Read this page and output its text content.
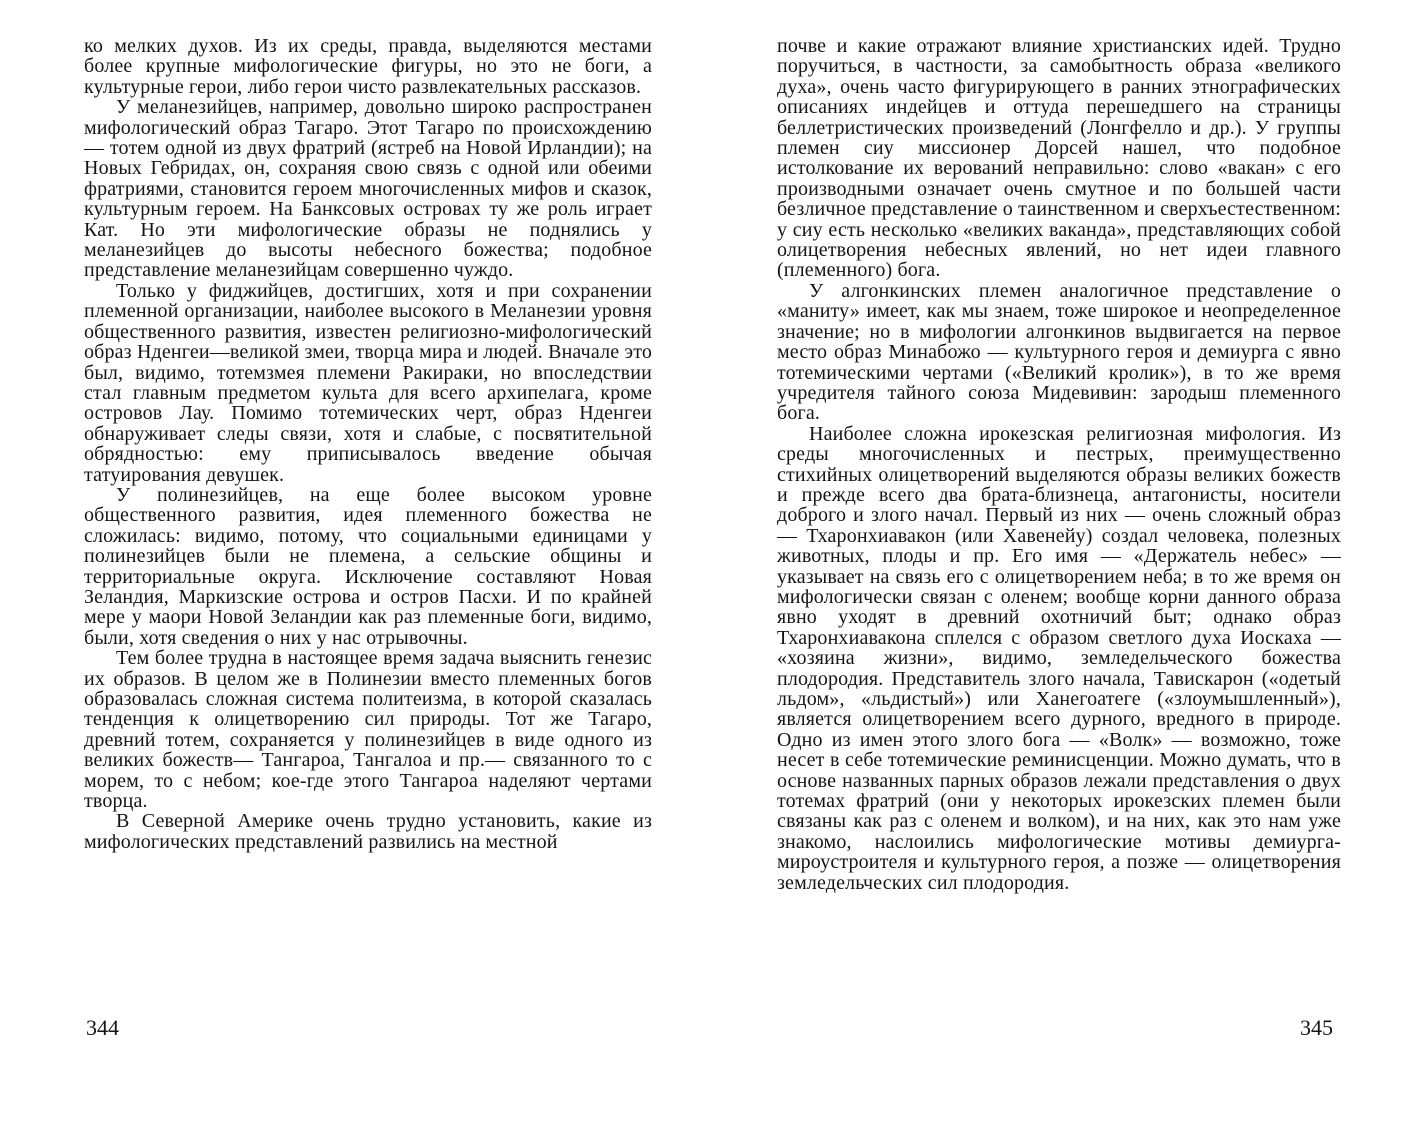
ко мелких духов. Из их среды, правда, выделяются местами более крупные мифологические фигуры, но это не боги, а культурные герои, либо герои чисто развлекательных рассказов.

У меланезийцев, например, довольно широко распространен мифологический образ Тагаро. Этот Тагаро по происхождению — тотем одной из двух фратрий (ястреб на Новой Ирландии); на Новых Гебридах, он, сохраняя свою связь с одной или обеими фратриями, становится героем многочисленных мифов и сказок, культурным героем. На Банксовых островах ту же роль играет Кат. Но эти мифологические образы не поднялись у меланезийцев до высоты небесного божества; подобное представление меланезийцам совершенно чуждо.

Только у фиджийцев, достигших, хотя и при сохранении племенной организации, наиболее высокого в Меланезии уровня общественного развития, известен религиозно-мифологический образ Нденгеи—великой змеи, творца мира и людей. Вначале это был, видимо, тотемзмея племени Ракираки, но впоследствии стал главным предметом культа для всего архипелага, кроме островов Лау. Помимо тотемических черт, образ Нденгеи обнаруживает следы связи, хотя и слабые, с посвятительной обрядностью: ему приписывалось введение обычая татуирования девушек.

У полинезийцев, на еще более высоком уровне общественного развития, идея племенного божества не сложилась: видимо, потому, что социальными единицами у полинезийцев были не племена, а сельские общины и территориальные округа. Исключение составляют Новая Зеландия, Маркизские острова и остров Пасхи. И по крайней мере у маори Новой Зеландии как раз племенные боги, видимо, были, хотя сведения о них у нас отрывочны.

Тем более трудна в настоящее время задача выяснить генезис их образов. В целом же в Полинезии вместо племенных богов образовалась сложная система политеизма, в которой сказалась тенденция к олицетворению сил природы. Тот же Тагаро, древний тотем, сохраняется у полинезийцев в виде одного из великих божеств— Тангароа, Тангалоа и пр.— связанного то с морем, то с небом; кое-где этого Тангароа наделяют чертами творца.

В Северной Америке очень трудно установить, какие из мифологических представлений развились на местной

344

почве и какие отражают влияние христианских идей. Трудно поручиться, в частности, за самобытность образа «великого духа», очень часто фигурирующего в ранних этнографических описаниях индейцев и оттуда перешедшего на страницы беллетристических произведений (Лонгфелло и др.). У группы племен сиу миссионер Дорсей нашел, что подобное истолкование их верований неправильно: слово «вакан» с его производными означает очень смутное и по большей части безличное представление о таинственном и сверхъестественном: у сиу есть несколько «великих ваканда», представляющих собой олицетворения небесных явлений, но нет идеи главного (племенного) бога.

У алгонкинских племен аналогичное представление о «маниту» имеет, как мы знаем, тоже широкое и неопределенное значение; но в мифологии алгонкинов выдвигается на первое место образ Минабожо — культурного героя и демиурга с явно тотемическими чертами («Великий кролик»), в то же время учредителя тайного союза Мидевивин: зародыш племенного бога.

Наиболее сложна ирокезская религиозная мифология. Из среды многочисленных и пестрых, преимущественно стихийных олицетворений выделяются образы великих божеств и прежде всего два брата-близнеца, антагонисты, носители доброго и злого начал. Первый из них — очень сложный образ — Тхаронхиавакон (или Хавенейу) создал человека, полезных животных, плоды и пр. Его имя — «Держатель небес» — указывает на связь его с олицетворением неба; в то же время он мифологически связан с оленем; вообще корни данного образа явно уходят в древний охотничий быт; однако образ Тхаронхиавакона сплелся с образом светлого духа Иоскаха — «хозяина жизни», видимо, земледельческого божества плодородия. Представитель злого начала, Тавискарон («одетый льдом», «льдистый») или Ханегоатеге («злоумышленный»), является олицетворением всего дурного, вредного в природе. Одно из имен этого злого бога — «Волк» — возможно, тоже несет в себе тотемические реминисценции. Можно думать, что в основе названных парных образов лежали представления о двух тотемах фратрий (они у некоторых ирокезских племен были связаны как раз с оленем и волком), и на них, как это нам уже знакомо, наслоились мифологические мотивы демиурга-мироустроителя и культурного героя, а позже — олицетворения земледельческих сил плодородия.

345
